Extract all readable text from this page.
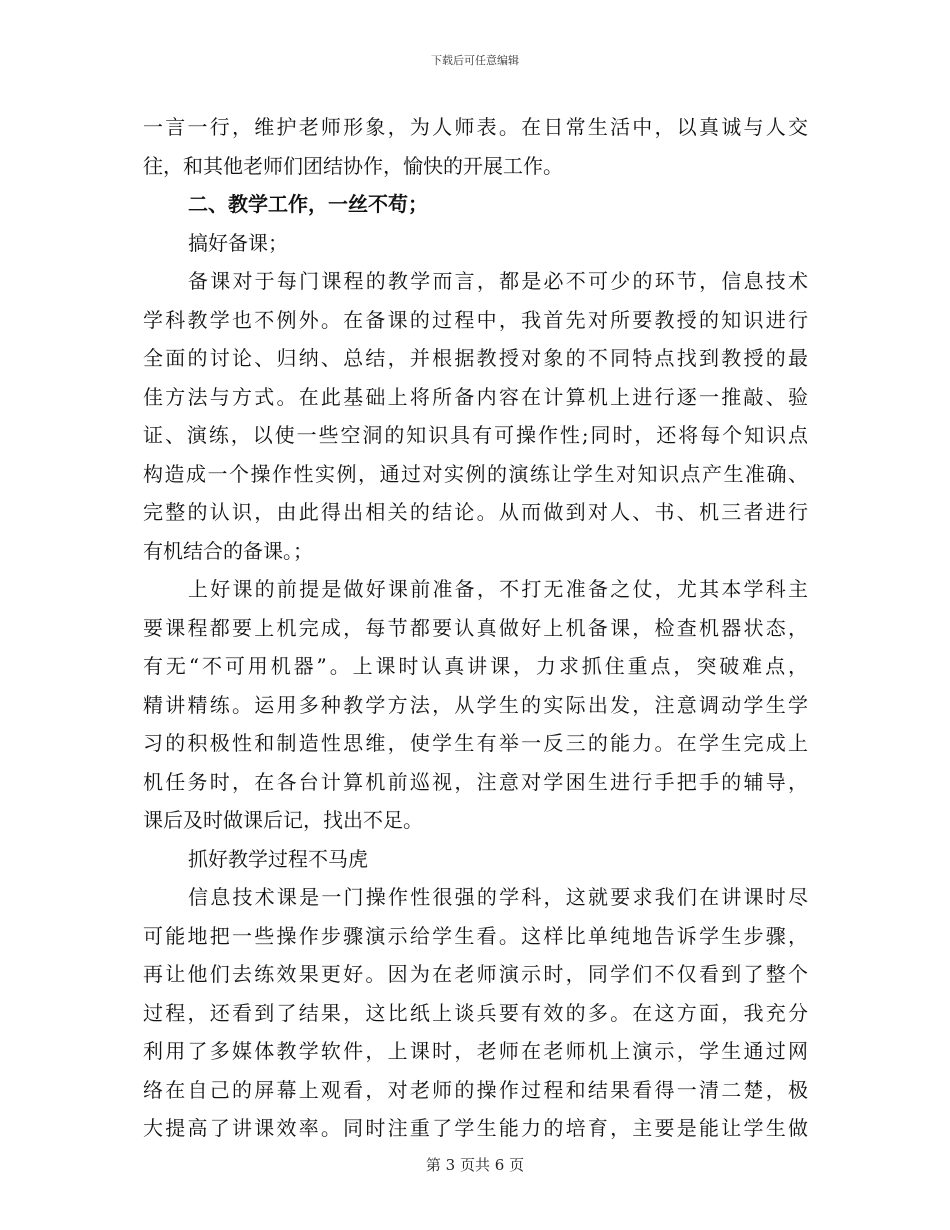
下载后可任意编辑
一言一行，维护老师形象，为人师表。在日常生活中，以真诚与人交
往，和其他老师们团结协作，愉快的开展工作。
二、教学工作，一丝不苟；
搞好备课；
备课对于每门课程的教学而言，都是必不可少的环节，信息技术
学科教学也不例外。在备课的过程中，我首先对所要教授的知识进行
全面的讨论、归纳、总结，并根据教授对象的不同特点找到教授的最
佳方法与方式。在此基础上将所备内容在计算机上进行逐一推敲、验
证、演练，以使一些空洞的知识具有可操作性;同时，还将每个知识点
构造成一个操作性实例，通过对实例的演练让学生对知识点产生准确、
完整的认识，由此得出相关的结论。从而做到对人、书、机三者进行
有机结合的备课。；
上好课的前提是做好课前准备，不打无准备之仗，尤其本学科主
要课程都要上机完成，每节都要认真做好上机备课，检查机器状态，
有无“不可用机器”。上课时认真讲课，力求抓住重点，突破难点，
精讲精练。运用多种教学方法，从学生的实际出发，注意调动学生学
习的积极性和制造性思维，使学生有举一反三的能力。在学生完成上
机任务时，在各台计算机前巡视，注意对学困生进行手把手的辅导，
课后及时做课后记，找出不足。
抓好教学过程不马虎
信息技术课是一门操作性很强的学科，这就要求我们在讲课时尽
可能地把一些操作步骤演示给学生看。这样比单纯地告诉学生步骤，
再让他们去练效果更好。因为在老师演示时，同学们不仅看到了整个
过程，还看到了结果，这比纸上谈兵要有效的多。在这方面，我充分
利用了多媒体教学软件，上课时，老师在老师机上演示，学生通过网
络在自己的屏幕上观看，对老师的操作过程和结果看得一清二楚，极
大提高了讲课效率。同时注重了学生能力的培育，主要是能让学生做
第 3 页共 6 页
